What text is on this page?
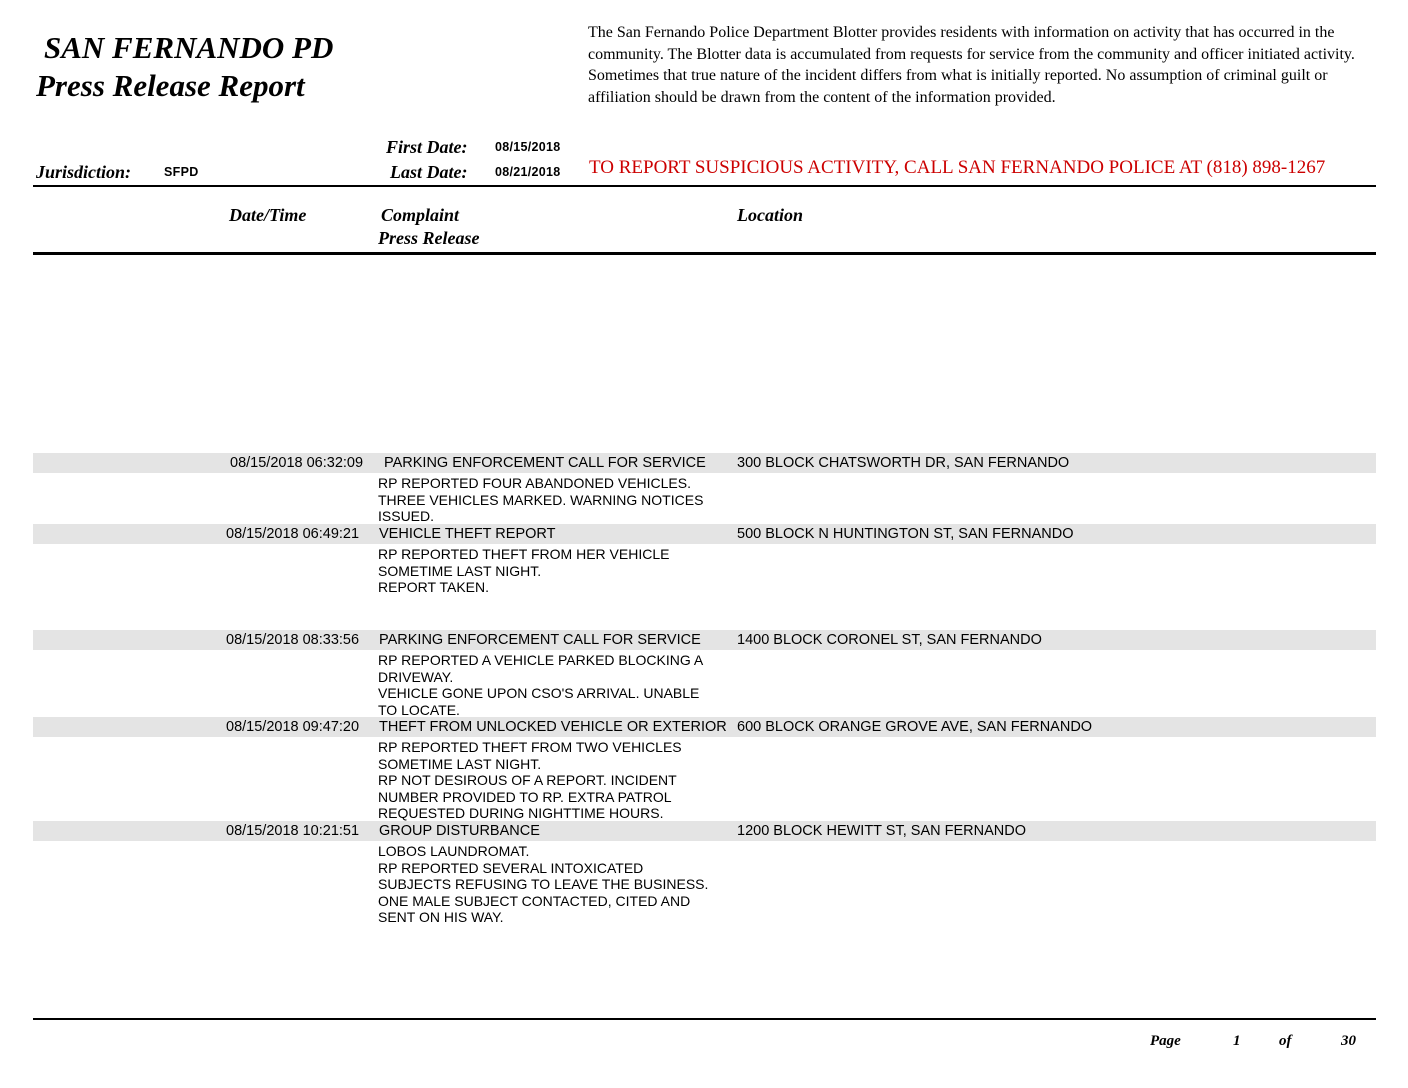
SAN FERNANDO PD
Press Release Report
The San Fernando Police Department Blotter provides residents with information on activity that has occurred in the community. The Blotter data is accumulated from requests for service from the community and officer initiated activity. Sometimes that true nature of the incident differs from what is initially reported. No assumption of criminal guilt or affiliation should be drawn from the content of the information provided.
First Date: 08/15/2018
Last Date: 08/21/2018
Jurisdiction:	SFPD	TO REPORT SUSPICIOUS ACTIVITY, CALL SAN FERNANDO POLICE AT (818) 898-1267
Date/Time	Complaint
Press Release
Location
08/15/2018 06:32:09 PARKING ENFORCEMENT CALL FOR SERVICE 300 BLOCK CHATSWORTH DR, SAN FERNANDO
RP REPORTED FOUR ABANDONED VEHICLES.
THREE VEHICLES MARKED. WARNING NOTICES
ISSUED.
08/15/2018 06:49:21 VEHICLE THEFT REPORT	500 BLOCK N HUNTINGTON ST, SAN FERNANDO
RP REPORTED THEFT FROM HER VEHICLE
SOMETIME LAST NIGHT.
REPORT TAKEN.
08/15/2018 08:33:56 PARKING ENFORCEMENT CALL FOR SERVICE	1400 BLOCK CORONEL ST, SAN FERNANDO
RP REPORTED A VEHICLE PARKED BLOCKING A
DRIVEWAY.
VEHICLE GONE UPON CSO'S ARRIVAL. UNABLE
TO LOCATE.
08/15/2018 09:47:20 THEFT FROM UNLOCKED VEHICLE OR EXTERIOR 600 BLOCK ORANGE GROVE AVE, SAN FERNANDO
RP REPORTED THEFT FROM TWO VEHICLES
SOMETIME LAST NIGHT.
RP NOT DESIROUS OF A REPORT. INCIDENT
NUMBER PROVIDED TO RP. EXTRA PATROL
REQUESTED DURING NIGHTTIME HOURS.
08/15/2018 10:21:51 GROUP DISTURBANCE	1200 BLOCK HEWITT ST, SAN FERNANDO
LOBOS LAUNDROMAT.
RP REPORTED SEVERAL INTOXICATED
SUBJECTS REFUSING TO LEAVE THE BUSINESS.
ONE MALE SUBJECT CONTACTED, CITED AND
SENT ON HIS WAY.
Page	1	of	30
